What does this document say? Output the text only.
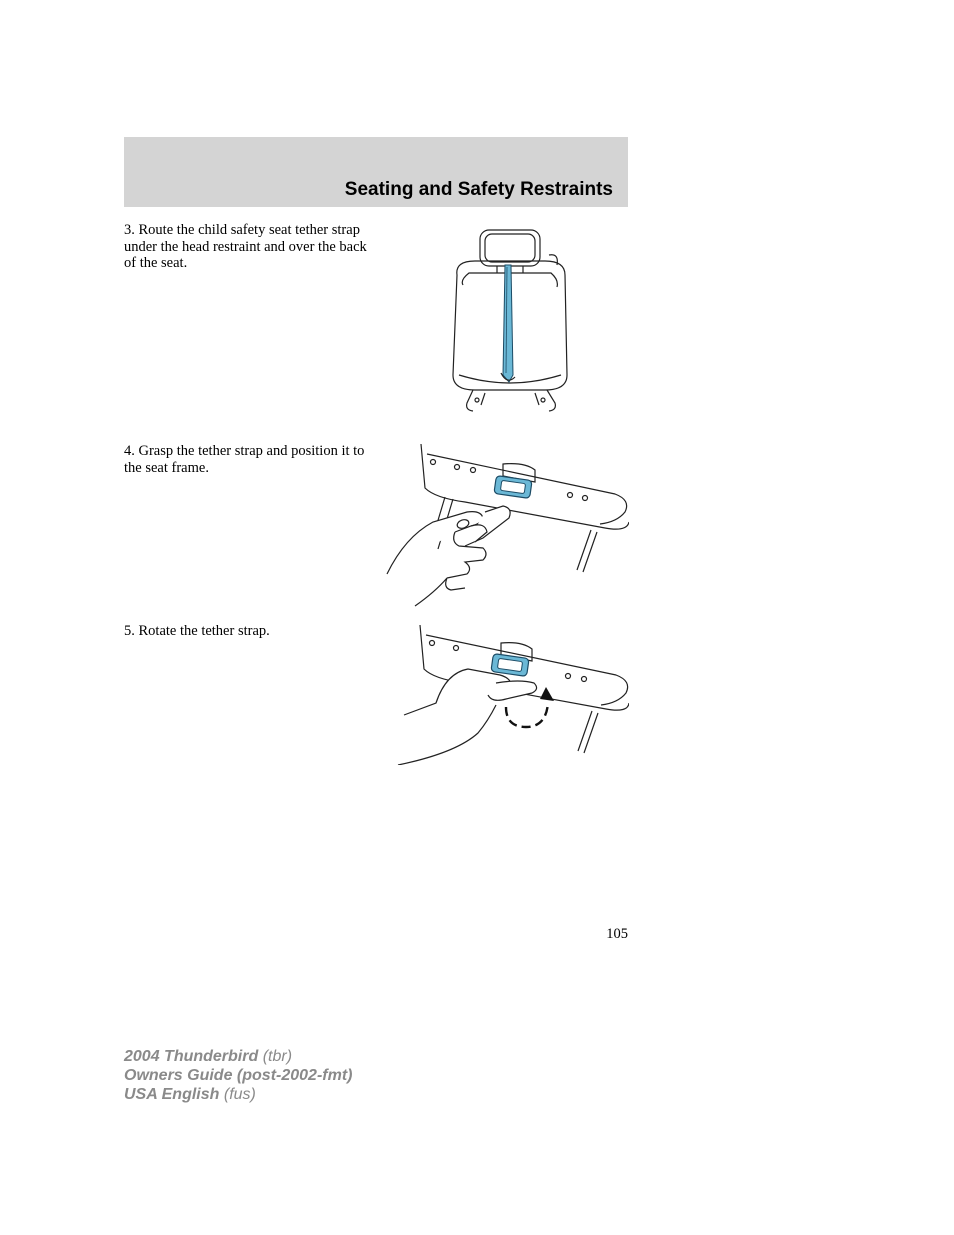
Seating and Safety Restraints
3. Route the child safety seat tether strap under the head restraint and over the back of the seat.
4. Grasp the tether strap and position it to the seat frame.
5. Rotate the tether strap.
105
2004 Thunderbird (tbr)
Owners Guide (post-2002-fmt)
USA English (fus)
